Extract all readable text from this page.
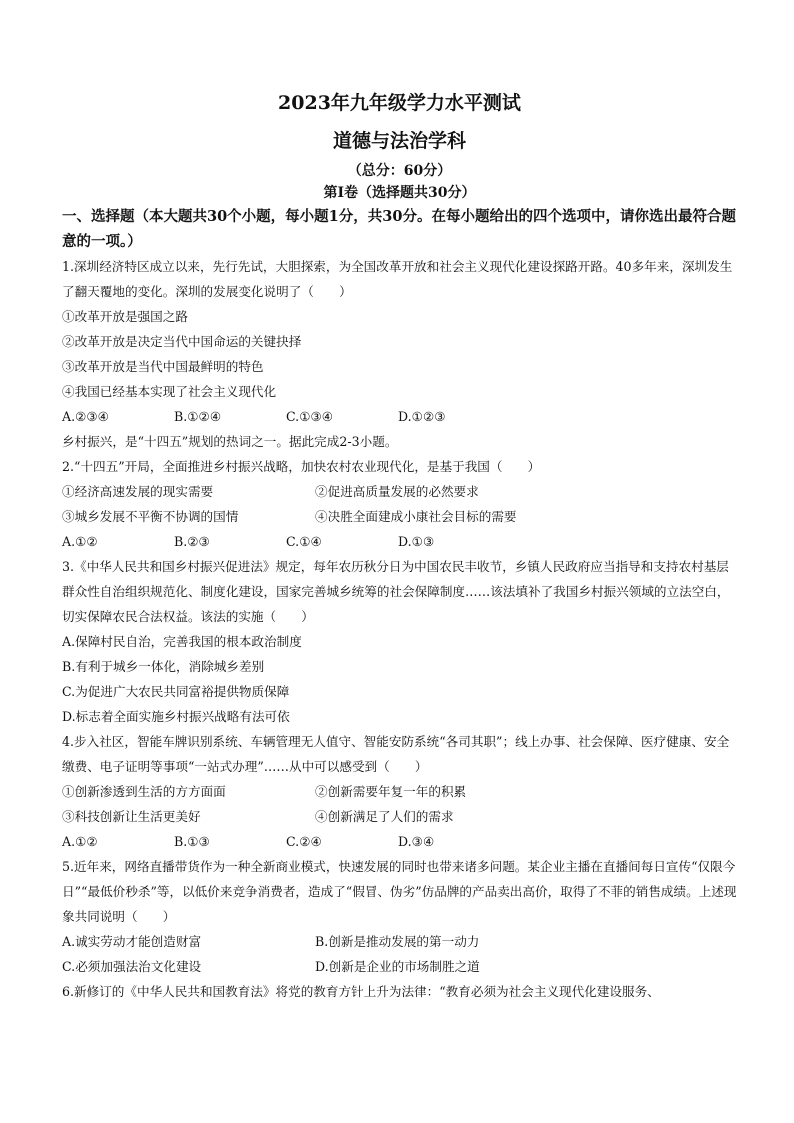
2023年九年级学力水平测试
道德与法治学科
（总分：60分）
第Ⅰ卷（选择题共30分）
一、选择题（本大题共30个小题，每小题1分，共30分。在每小题给出的四个选项中，请你选出最符合题意的一项。）
1.深圳经济特区成立以来，先行先试，大胆探索，为全国改革开放和社会主义现代化建设探路开路。40多年来，深圳发生了翻天覆地的变化。深圳的发展变化说明了（　　）
①改革开放是强国之路
②改革开放是决定当代中国命运的关键抉择
③改革开放是当代中国最鲜明的特色
④我国已经基本实现了社会主义现代化
A.②③④	B.①②④	C.①③④	D.①②③
乡村振兴，是“十四五”规划的热词之一。据此完成2-3小题。
2.“十四五”开局，全面推进乡村振兴战略，加快农村农业现代化，是基于我国（　　）
①经济高速发展的现实需要	②促进高质量发展的必然要求
③城乡发展不平衡不协调的国情	④决胜全面建成小康社会目标的需要
A.①②	B.②③	C.①④	D.①③
3.《中华人民共和国乡村振兴促进法》规定，每年农历秋分日为中国农民丰收节，乡镇人民政府应当指导和支持农村基层群众性自治组织规范化、制度化建设，国家完善城乡统筹的社会保障制度……该法填补了我国乡村振兴领域的立法空白，切实保障农民合法权益。该法的实施（　　）
A.保障村民自治，完善我国的根本政治制度
B.有利于城乡一体化，消除城乡差别
C.为促进广大农民共同富裕提供物质保障
D.标志着全面实施乡村振兴战略有法可依
4.步入社区，智能车牌识别系统、车辆管理无人值守、智能安防系统“各司其职”；线上办事、社会保障、医疗健康、安全缴费、电子证明等事项“一站式办理”……从中可以感受到（　　）
①创新渗透到生活的方方面面	②创新需要年复一年的积累
③科技创新让生活更美好	④创新满足了人们的需求
A.①②	B.①③	C.②④	D.③④
5.近年来，网络直播带货作为一种全新商业模式，快速发展的同时也带来诸多问题。某企业主播在直播间每日宣传“仅限今日”“最低价秒杀”等，以低价来竞争消费者，造成了“假冒、伪劣”仿品牌的产品卖出高价，取得了不菲的销售成绩。上述现象共同说明（　　）
A.诚实劳动才能创造财富	B.创新是推动发展的第一动力
C.必须加强法治文化建设	D.创新是企业的市场制胜之道
6.新修订的《中华人民共和国教育法》将党的教育方针上升为法律：“教育必须为社会主义现代化建设服务、
